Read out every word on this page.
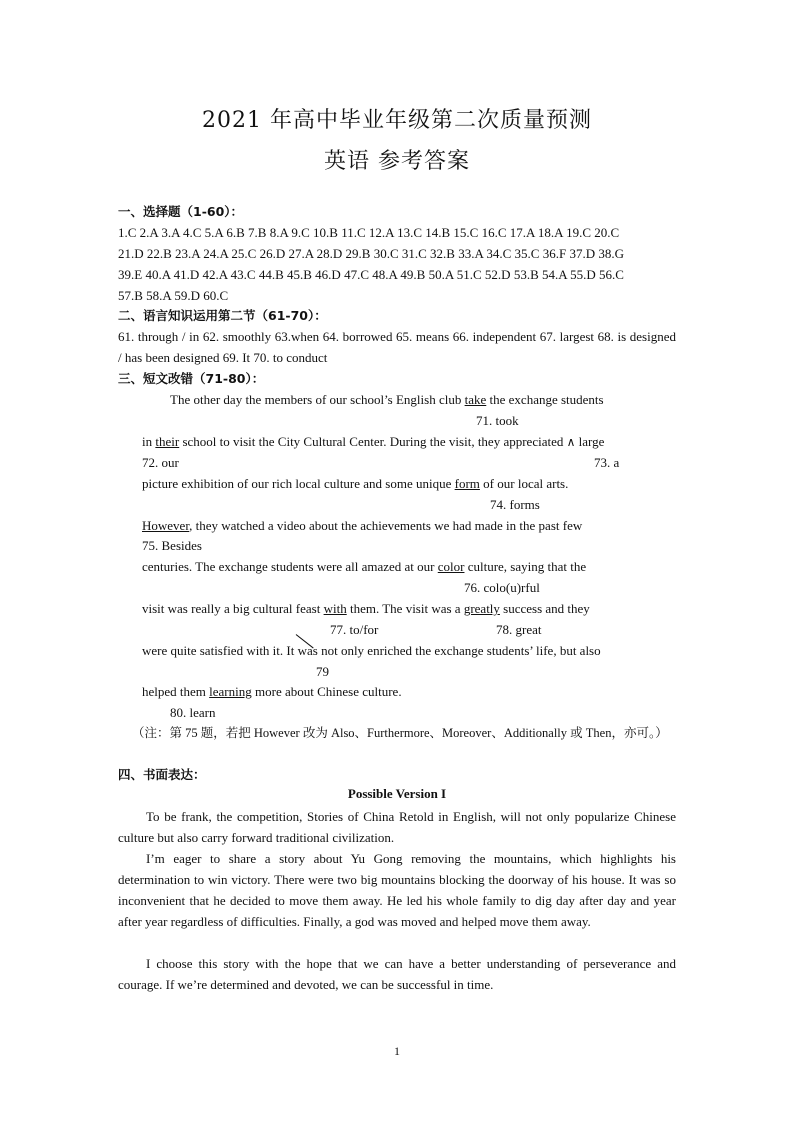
2021 年高中毕业年级第二次质量预测
英语 参考答案
一、选择题（1-60）：
1.C 2.A 3.A 4.C 5.A 6.B 7.B 8.A 9.C 10.B 11.C 12.A 13.C 14.B 15.C 16.C 17.A 18.A 19.C 20.C
21.D 22.B 23.A 24.A 25.C 26.D 27.A 28.D 29.B 30.C 31.C 32.B 33.A 34.C 35.C 36.F 37.D 38.G
39.E 40.A 41.D 42.A 43.C 44.B 45.B 46.D 47.C 48.A 49.B 50.A 51.C 52.D 53.B 54.A 55.D 56.C
57.B 58.A 59.D 60.C
二、语言知识运用第二节（61-70）：
61. through / in 62. smoothly 63.when 64. borrowed 65. means 66. independent 67. largest 68. is designed / has been designed 69. It 70. to conduct
三、短文改错（71-80）：
The other day the members of our school’s English club take the exchange students
71. took
in their school to visit the City Cultural Center. During the visit, they appreciated ∧ large
72. our	73. a
picture exhibition of our rich local culture and some unique form of our local arts.
74. forms
However, they watched a video about the achievements we had made in the past few
75. Besides
centuries. The exchange students were all amazed at our color culture, saying that the
76. colo(u)rful
visit was really a big cultural feast with them. The visit was a greatly success and they
77. to/for	78. great
were quite satisfied with it. It was not only enriched the exchange students’ life, but also
79
helped them learning more about Chinese culture.
80. learn
（注：第 75 题，若把 However 改为 Also、Furthermore、Moreover、Additionally 或 Then，亦可。）
四、书面表达：
Possible Version I
To be frank, the competition, Stories of China Retold in English, will not only popularize Chinese culture but also carry forward traditional civilization.
I’m eager to share a story about Yu Gong removing the mountains, which highlights his determination to win victory. There were two big mountains blocking the doorway of his house. It was so inconvenient that he decided to move them away. He led his whole family to dig day after day and year after year regardless of difficulties. Finally, a god was moved and helped move them away.
I choose this story with the hope that we can have a better understanding of perseverance and courage. If we’re determined and devoted, we can be successful in time.
1
